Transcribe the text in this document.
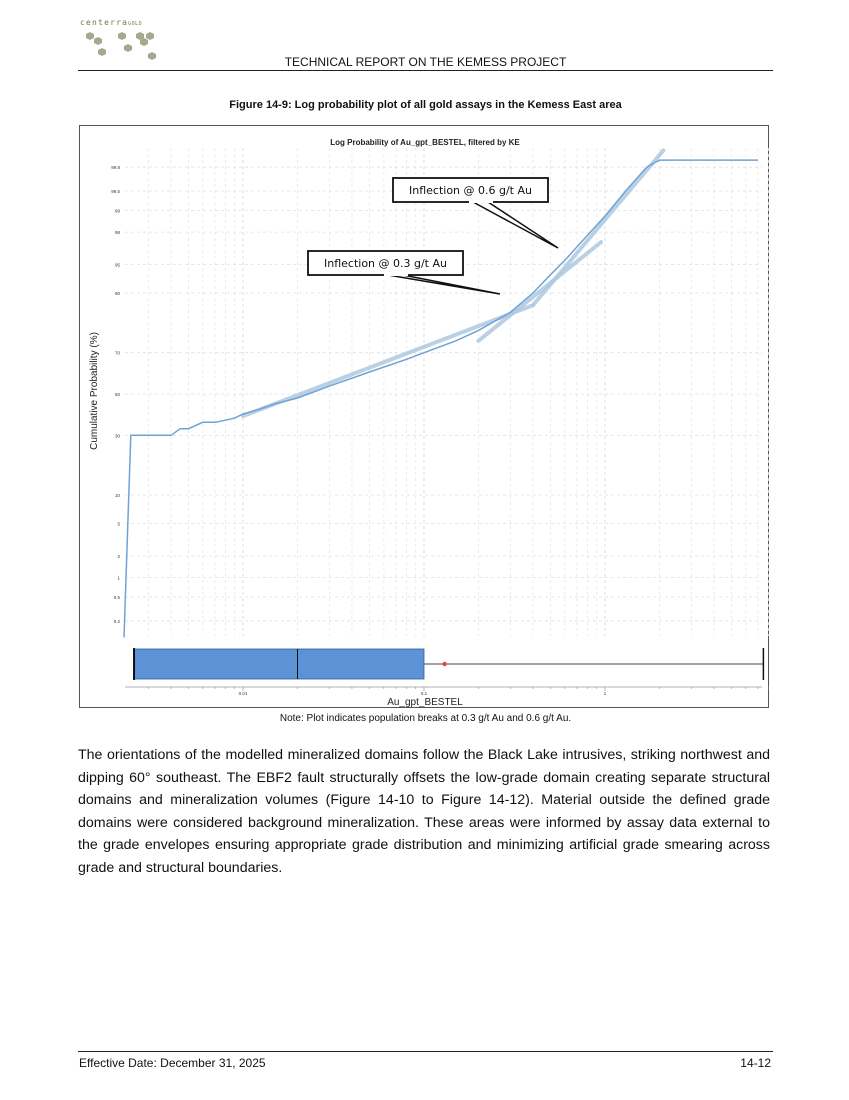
centerraGOLD
TECHNICAL REPORT ON THE KEMESS PROJECT
Figure 14-9: Log probability plot of all gold assays in the Kemess East area
Log Probability of Au_gpt_BESTEL, filtered by KE
0.2
0.5
1
2
5
10
30
50
70
90
95
98
99
99.5
99.8
Cumulative Probability (%)
Inflection @ 0.3 g/t Au
Inflection @ 0.6 g/t Au
0.01	0.1	1
Au_gpt_BESTEL
Note: Plot indicates population breaks at 0.3 g/t Au and 0.6 g/t Au.
The orientations of the modelled mineralized domains follow the Black Lake intrusives, striking northwest and dipping 60° southeast. The EBF2 fault structurally offsets the low-grade domain creating separate structural domains and mineralization volumes (Figure 14-10 to Figure 14-12). Material outside the defined grade domains were considered background mineralization. These areas were informed by assay data external to the grade envelopes ensuring appropriate grade distribution and minimizing artificial grade smearing across grade and structural boundaries.
Effective Date: December 31, 2025	14-12
